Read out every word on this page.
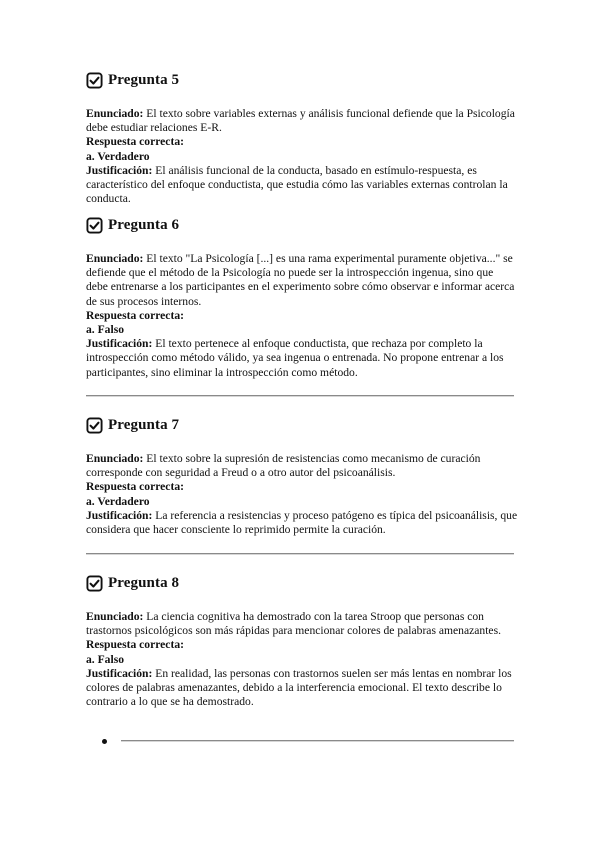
Pregunta 5

Enunciado: El texto sobre variables externas y análisis funcional defiende que la Psicología debe estudiar relaciones E-R.

Respuesta correcta:

a. Verdadero

Justificación: El análisis funcional de la conducta, basado en estímulo-respuesta, es característico del enfoque conductista, que estudia cómo las variables externas controlan la conducta.

Pregunta 6

Enunciado: El texto "La Psicología [...] es una rama experimental puramente objetiva..." se defiende que el método de la Psicología no puede ser la introspección ingenua, sino que debe entrenarse a los participantes en el experimento sobre cómo observar e informar acerca de sus procesos internos.

Respuesta correcta:

a. Falso

Justificación: El texto pertenece al enfoque conductista, que rechaza por completo la introspección como método válido, ya sea ingenua o entrenada. No propone entrenar a los participantes, sino eliminar la introspección como método.

Pregunta 7

Enunciado: El texto sobre la supresión de resistencias como mecanismo de curación corresponde con seguridad a Freud o a otro autor del psicoanálisis.

Respuesta correcta:

a. Verdadero

Justificación: La referencia a resistencias y proceso patógeno es típica del psicoanálisis, que considera que hacer consciente lo reprimido permite la curación.

Pregunta 8

Enunciado: La ciencia cognitiva ha demostrado con la tarea Stroop que personas con trastornos psicológicos son más rápidas para mencionar colores de palabras amenazantes.

Respuesta correcta:

a. Falso

Justificación: En realidad, las personas con trastornos suelen ser más lentas en nombrar los colores de palabras amenazantes, debido a la interferencia emocional. El texto describe lo contrario a lo que se ha demostrado.
